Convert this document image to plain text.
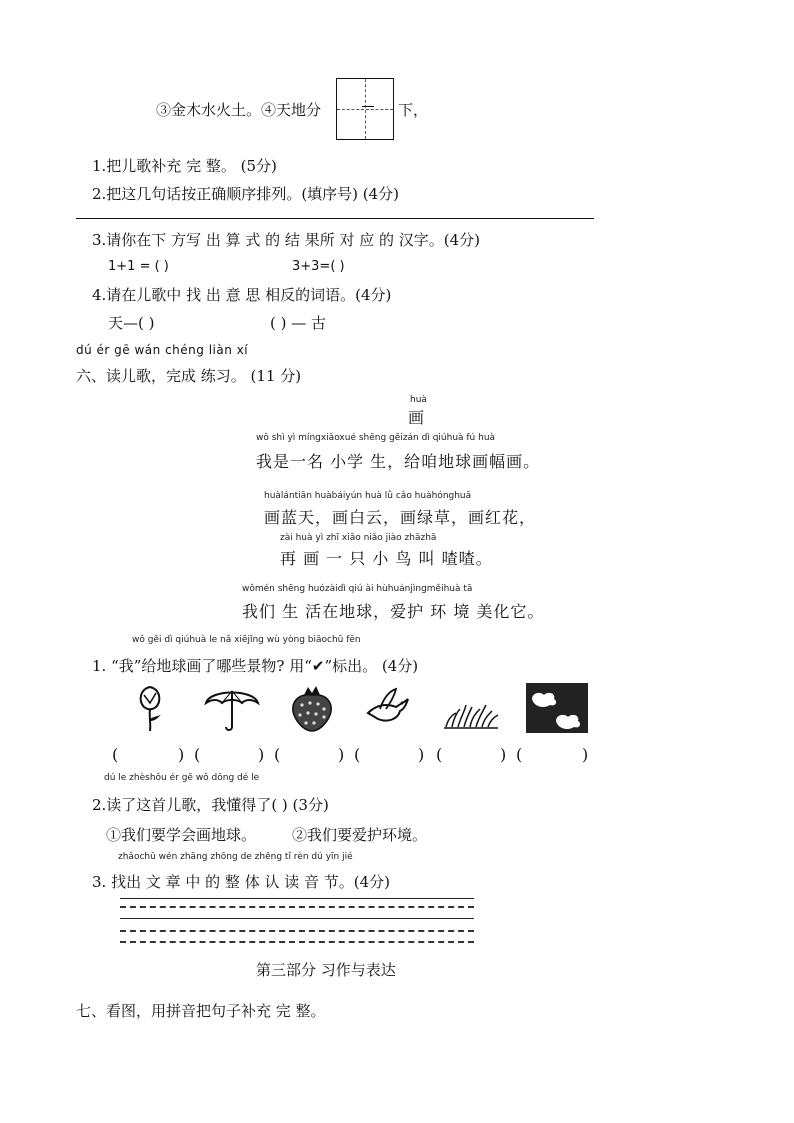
③金木水火土。④天地分	下，
1.把儿歌补充 完 整。 (5分)
2.把这几句话按正确顺序排列。(填序号) (4分)
3.请你在下 方写 出 算 式 的 结 果所 对 应 的 汉字。(4分)
1+1 = ( )	3+3=( )
4.请在儿歌中 找 出 意 思 相反的词语。(4分)
天—( )	( ) — 古
dú ér gē wán chéng liàn xí
六、读儿歌，完成 练习。 (11 分)
huà
画
wǒ shì yì míngxiǎoxué shēng gěizán dì qiúhuà fú huà
我是一名 小学 生，给咱地球画幅画。
huàlántiān huàbáiyún huà lǜ cǎo huàhónghuā
画蓝天，画白云，画绿草，画红花，
zài huà yì zhī xiǎo niǎo jiào zhāzhā
再 画 一 只 小 鸟 叫 喳喳。
wǒmén shēng huózàidì qiú ài hùhuánjìngměihuà tā
我们 生 活在地球，爱护 环 境 美化它。
wǒ gěi dì qiúhuà le nǎ xiējǐng wù yòng biāochū fēn
1. “我”给地球画了哪些景物? 用“✔”标出。 (4分)
(	) (	) (	) (	) (	) (	)
dú le zhèshǒu ér gē wǒ dǒng dé le
2.读了这首儿歌，我懂得了( ) (3分)
①我们要学会画地球。 ②我们要爱护环境。
zhǎochū wén zhāng zhōng de zhěng tǐ rèn dú yīn jié
3. 找出 文 章 中 的 整 体 认 读 音 节。(4分)
第三部分 习作与表达
七、看图，用拼音把句子补充 完 整。
